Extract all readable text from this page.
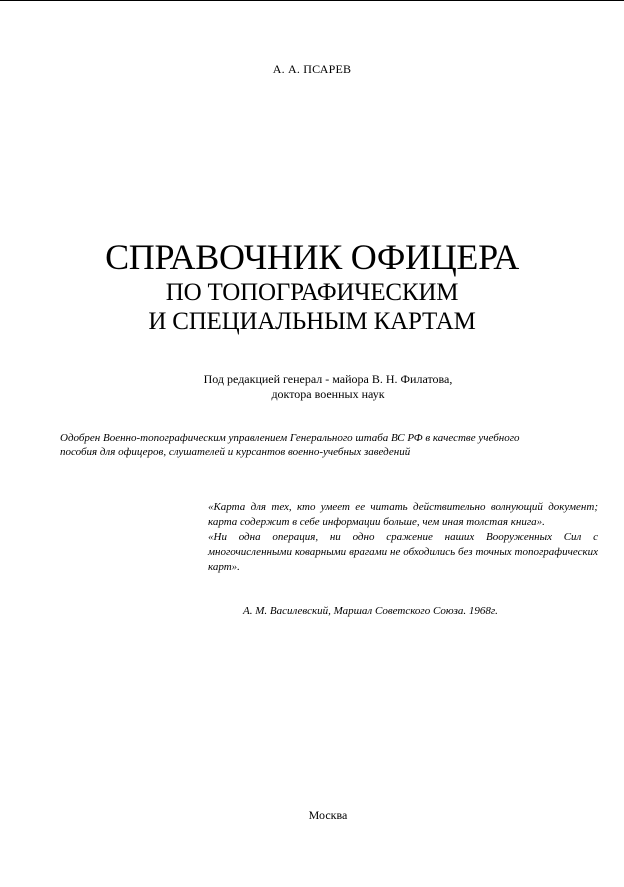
А. А. ПСАРЕВ
СПРАВОЧНИК ОФИЦЕРА
ПО ТОПОГРАФИЧЕСКИМ
И СПЕЦИАЛЬНЫМ КАРТАМ
Под редакцией генерал - майора В. Н. Филатова,
доктора военных наук
Одобрен Военно-топографическим управлением Генерального штаба ВС РФ в качестве учебного
пособия для офицеров, слушателей и курсантов военно-учебных заведений

«Карта для тех, кто умеет ее читать действительно волнующий документ; карта содержит в себе информации больше, чем иная толстая книга».

«Ни одна операция, ни одно сражение наших Вооруженных Сил с многочисленными коварными врагами не обходились без точных топографических карт».

А. М. Василевский, Маршал Советского Союза. 1968г.
Москва
